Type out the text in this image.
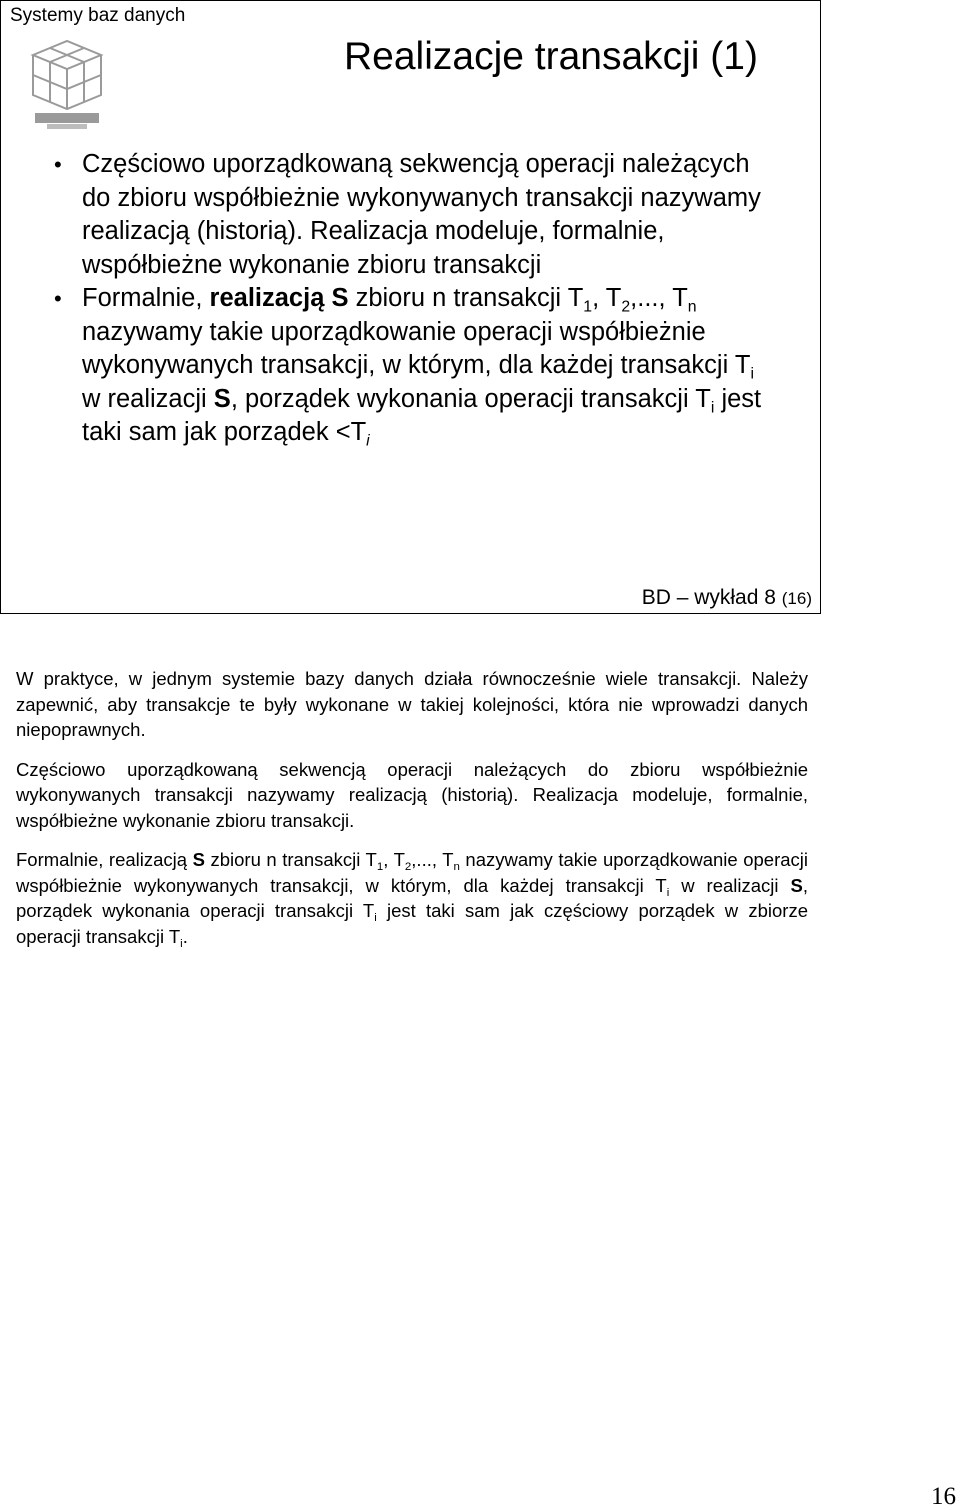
Systemy baz danych
Realizacje transakcji (1)
• Częściowo uporządkowaną sekwencją operacji należących do zbioru współbieżnie wykonywanych transakcji nazywamy realizacją (historią). Realizacja modeluje, formalnie, współbieżne wykonanie zbioru transakcji
• Formalnie, realizacją S zbioru n transakcji $T_1$, $T_2$,..., $T_n$ nazywamy takie uporządkowanie operacji współbieżnie wykonywanych transakcji, w którym, dla każdej transakcji $T_i$ w realizacji S, porządek wykonania operacji transakcji $T_i$ jest taki sam jak porządek $<T_i$
BD – wykład 8 (16)

W praktyce, w jednym systemie bazy danych działa równocześnie wiele transakcji. Należy zapewnić, aby transakcje te były wykonane w takiej kolejności, która nie wprowadzi danych niepoprawnych.

Częściowo uporządkowaną sekwencją operacji należących do zbioru współbieżnie wykonywanych transakcji nazywamy realizacją (historią). Realizacja modeluje, formalnie, współbieżne wykonanie zbioru transakcji.

Formalnie, realizacją S zbioru n transakcji $T_1$, $T_2$,..., $T_n$ nazywamy takie uporządkowanie operacji współbieżnie wykonywanych transakcji, w którym, dla każdej transakcji $T_i$ w realizacji S, porządek wykonania operacji transakcji $T_i$ jest taki sam jak częściowy porządek w zbiorze operacji transakcji $T_i$.

16
